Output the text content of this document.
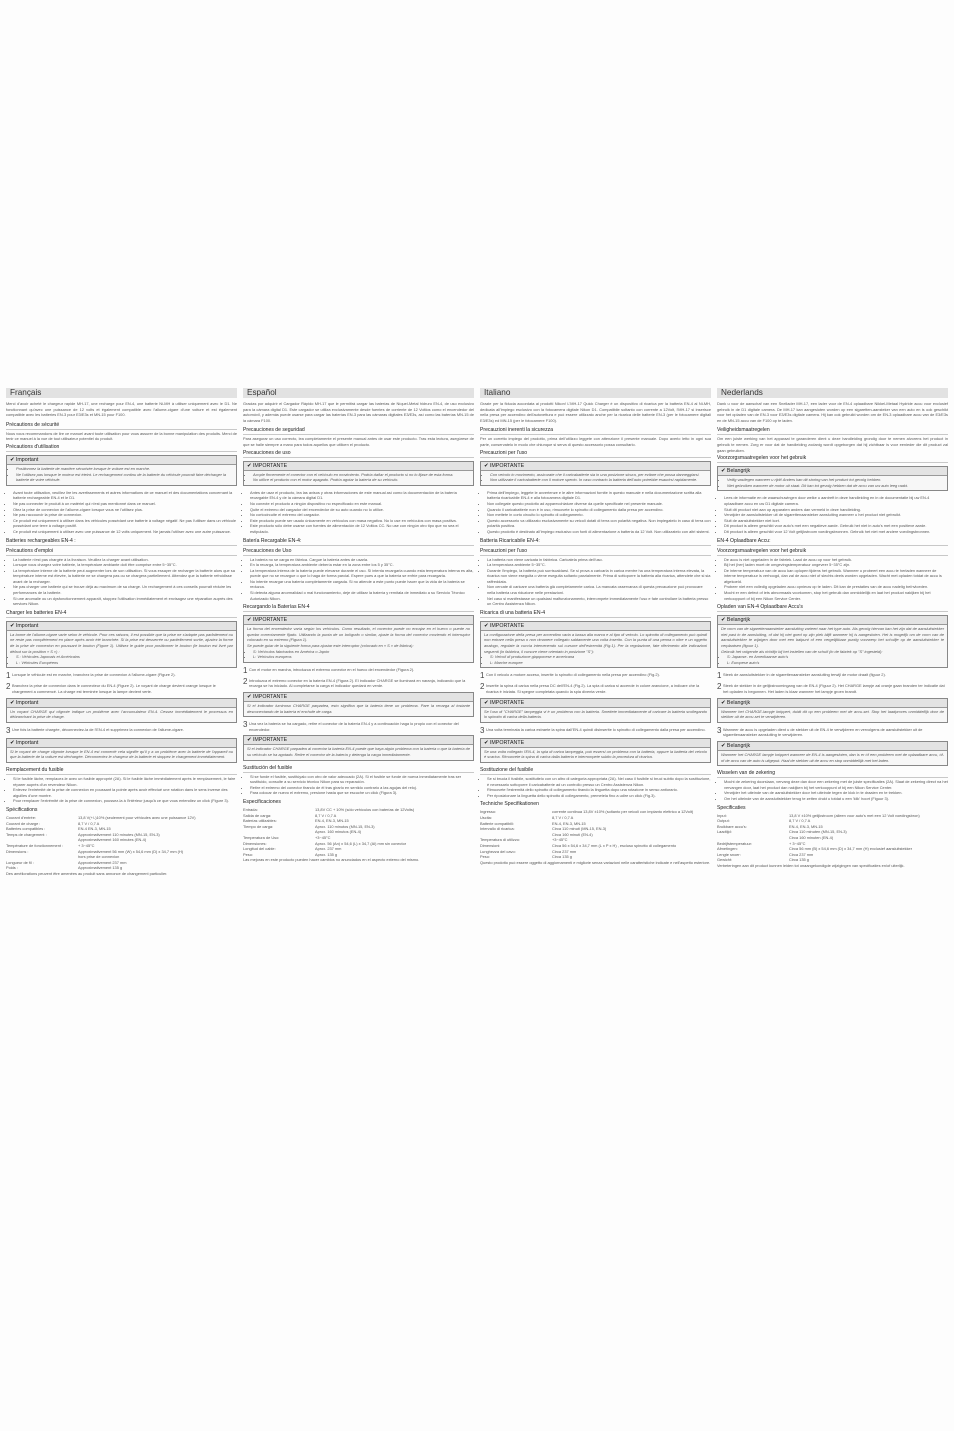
Français

Merci d'avoir acheté le chargeur rapide MH-17, une recharge pour EN-4, une batterie Ni-MH à utiliser uniquement avec le D1. Ne fonctionnant qu'avec une puissance de 12 volts et également compatible avec l'allume-cigare d'une voiture et est également compatible avec les batteries EN-3 pour E3/E3s et MN-15 pour F100.

Précautions de sécurité

Nous vous recommandons de lire ce manuel avant toute utilisation pour vous assurer de la bonne manipulation des produits. Merci de tenir ce manuel à la vue de tout utilisateur potentiel du produit.

Précautions d'utilisation
✔ Important
• Positionnez la batterie de manière sécurisée lorsque le voiture est en marche.
• Ne l'utilisez pas lorsque le moteur est éteint. Le rechargement continu de la batterie du véhicule pourrait faire décharger la batterie de votre véhicule.
• Avant toute utilisation, veuillez lire les avertissements et autres informations de ce manuel et des documentations concernant la batterie rechargeable EN-4 et le D1.
• Ne pas connecter le produit à un matériel qui n'est pas mentionné dans ce manuel.
• Otez la prise de connexion de l'allume-cigare lorsque vous ne l'utilisez plus.
• Ne pas raccourcir la prise de connexion.
• Ce produit est uniquement à utiliser dans les véhicules possédant une batterie à voltage négatif. Ne pas l'utiliser dans un véhicule possédant une terre à voltage positif.
• Ce produit est uniquement à utiliser avec une puissance de 12 volts uniquement. Ne jamais l'utiliser avec une autre puissance.
Batteries rechargeables EN-4 :
Précautions d'emploi
• La batterie n'est pas chargée à la livraison. Veuillez la charger avant utilisation.
• Lorsque vous chargez votre batterie, la température ambiante doit être comprise entre 5~35°C.
• La température interne de la batterie peut augmenter lors de son utilisation. Si vous essayer de recharger la batterie alors que sa température interne est élevée, la batterie ne se chargera pas ou se chargera partiellement. Attendez que la batterie refroidisse avant de la recharger.
• Ne pas charger une batterie qui se trouve déjà au maximum de sa charge. Un rechargement à ces conseils pourrait réduire les performances de la batterie.
• Si une anomalie ou un dysfonctionnement apparaît, stoppez l'utilisation immédiatement et envisagez une réparation auprès des services Nikon.
Charger les batteries EN-4
✔ Important

La borne de l'allume-cigare varie selon le véhicule. Pour ces raisons, il est possible que la prise ne s'adapte pas parfaitement ou ne reste pas complètement en place après avoir été branchée. Si la prise est desserrée ou partiellement sortie, ajustez la forme de la prise de connexion en poussant le bouton (Figure 1). Utilisez le guide pour positionner le bouton (le bouton est livré par défaut sur la position « S ») :

• S : Véhicules Japonais et Américains
• L : Véhicules Européens
1 Lorsque le véhicule est en marche, branchez la prise de connexion à l'allume-cigare (Figure 2).
2 Branchez la prise de connexion dans le connecteur du EN-4 (Figure 2). Le voyant de charge devient orange lorsque le chargement a commencé. La charge est terminée lorsque la lampe devient verte.
✔ Important

Un voyant CHARGE qui clignote indique un problème avec l'accumulateur EN-4. Cessez immédiatement le processus en débranchant la prise de charge.

3 Une fois la batterie chargée, déconnectez-la de l'EN-4 et supprimez la connexion de l'allume-cigare.
✔ Important

Si le voyant de charge clignote lorsque le EN-4 est connecté cela signifie qu'il y a un problème avec la batterie de l'appareil ou que la batterie de la voiture est déchargée. Déconnectez le chargeur de la batterie et stoppez le chargement immédiatement.

Remplacement du fusible
• Si le fusible lâche, remplacez-le avec un fusible approprié (2A). Si le fusible lâche immédiatement après le remplacement, le faire réparer auprès d'un revendeur Nikon.
• Enlevez l'extrémité de la prise de connexion en poussant la pointe après avoir effectué une rotation dans le sens inverse des aiguilles d'une montre.
• Pour remplacer l'extrémité de la prise de connexion, poussez-la à l'intérieur jusqu'à ce que vous entendiez un click (Figure 3).
Spécifications
Courant d'entrée:	13,8 V(+/-)10% (seulement pour véhicules avec une puissance 12V)
Courant de charge :	8,7 V / 0,7 A
Batteries compatibles :	EN-4 EN-3, MN-15
Temps de chargement :	Approximativement 110 minutes (MN-15, EN-3)
Approximativement 160 minutes (EN-4)
Température de fonctionnement :	+ 3~45°C
Dimensions :	Approximativement 56 mm (W) x 54,6 mm (D) x 34,7 mm (H)
hors prise de connexion
Longueur de fil :	Approximativement 237 mm
Poids :	Approximativement 135 g

Des améliorations peuvent être amenées au produit sans annonce de changement particulier.

Español

Gracias por adquirir el Cargador Rápido MH-17 que le permitirá cargar las baterías de Níquel-Metal hidruro EN-4, de uso exclusivo para la cámara digital D1. Este cargador se utiliza exclusivamente desde fuentes de corriente de 12 Voltios como el encendedor del automóvil, y además puede usarse para cargar las baterías EN-3 para las cámaras digitales E3/E3s, así como las baterías MN-15 de la cámara F100.

Precauciones de seguridad

Para asegurar un uso correcto, lea completamente el presente manual antes de usar este producto. Tras esta lectura, asegúrese de que se halle siempre a mano para todos aquellos que utilicen el producto.

Precauciones de uso
✔ IMPORTANTE
• Acople firmemente el conector con el vehículo en movimiento. Podría dañar el producto si no lo fijase de esta forma.
• No utilice el producto con el motor apagado. Podría agotar la batería de su vehículo.
• Antes de usar el producto, lea las avisos y otras informaciones de este manual así como la documentación de la batería recargable EN-4 y de la cámara digital D1.
• No conecte el producto a ningún dispositivo no especificado en este manual.
• Quite el extremo del cargador del encendedor de su auto cuando no lo utilice.
• No cortocircuite el extremo del cargador.
• Este producto puede ser usado únicamente en vehículos con masa negativa. No lo use en vehículos con masa positiva.
• Este producto sólo debe usarse con fuentes de alimentación de 12 Voltios CC. No use con ningún otro tipo que no sea el estipulado.
Batería Recargable EN-4:
Precauciones de Uso
• La batería no se carga en fábrica. Cargue la batería antes de usarla.
• En la recarga, la temperatura ambiente debería estar en la zona entre los 5 y 35°C.
• La temperatura interna de la batería puede elevarse durante el uso. Si intenta recargarla cuando esta temperatura interna es alta, puede que no se recargue o que lo haga de forma parcial. Espere pues a que la batería se enfríe para recargarla.
• No intente recargar una batería completamente cargada. Si no atiende a este punto puede hacer que la vida de la batería se reduzca.
• Si detecta alguna anormalidad o mal funcionamiento, deje de utilizar la batería y remítala de inmediato a su Servicio Técnico Autorizado Nikon.
Recargando la Baterías EN-4
✔ IMPORTANTE

La forma del encendedor varía según los vehículos. Como resultado, el conector puede no encajar en el hueco o puede no quedar correctamente fijado. Utilizando la punta de un bolígrafo o similar, ajuste la forma del conector moviendo el interruptor colocado en su extremo (Figura 1).

Se puede guiar de la siguiente forma para ajustar este interruptor (colocado en « S » de fábrica):

• S: Vehículos fabricados en América o Japón
• L: Vehículos europeos
1 Con el motor en marcha, introduzca el extremo conector en el hueco del encendedor (Figura 2).
2 Introduzca el extremo conector en la batería EN-4 (Figura 2). El indicador CHARGE se iluminará en naranja, indicando que la recarga se ha iniciado. Al completarse la carga el indicador quedará en verde.
✔ IMPORTANTE

Si el indicador luminoso CHARGE parpadea, esto significa que la batería tiene un problema. Pare la recarga al instante desconectando de la batería el enchufe de carga.

3 Una vez la batería se ha cargado, retire el conector de la batería EN-4 y a continuación haga lo propio con el conector del encendedor.
✔ IMPORTANTE

Si el indicador CHARGE parpadea al conectar la batería EN-4 puede que haya algún problema con la batería o que la batería de su vehículo se ha agotado. Retire el conector de la batería y detenga la carga inmediatamente.

Sustitución del fusible
• Si se funde el fusible, sustitúyalo con otro de valor adecuado (2A). Si el fusible se funde de nueva inmediatamente tras ser sustituido, consulte a su servicio técnico Nikon para su reparación.
• Retire el extremo del conector tirando de él tras girarlo en sentido contrario a las agujas del reloj.
• Para colocar de nuevo el extremo, presione hasta que se escuche un click (Figura 3).
Especificaciones
Entrada:	13,8V CC + 10% (sólo vehículos con baterías de 12Volts)
Salida de carga:	8,7 V / 0,7 A
Baterías utilizables:	EN-4, EN-3, MN-15
Tiempo de carga:	Aprox. 110 minutos (MN-15, EN-3)
Aprox. 160 minutos (EN-4)
Temperatura de Uso:	+3~45°C
Dimensiones:	Aprox. 56 (An) x 54,6 (L) x 34,7 (Al) mm sin conector
Longitud del cable:	Aprox. 237 mm
Peso:	Aprox. 135 g

Las mejoras en este producto pueden hacer cambios no anunciados en el aspecto externo del mismo.

Italiano

Grazie per la fiducia accordata ai prodotti Nikon! L'MH-17 Quick Charger è un dispositivo di ricarica per la batteria EN-4 al Ni-MH, dedicata all'impiego esclusivo con la fotocamera digitale Nikon D1. Compatibile soltanto con corrente a 12Volt, l'MH-17 si inserisce nella presa per accendino dell'autovettura e può essere utilizzato anche per la ricarica delle batterie EN-3 (per le fotocamere digitali E3/E3s) ed MN-15 (per le fotocamere F100).

Precauzioni inerenti la sicurezza

Per un corretto impiego del prodotto, prima dell'utilizzo leggete con attenzione il presente manuale. Dopo averlo letto in ogni sua parte, conservatelo in modo che chiunque si serva di questo accessorio possa consultarlo.

Precauzioni per l'uso
✔ IMPORTANTE
• Con veicolo in movimento, assicurate che il caricabatterie sia in una posizione sicura, per evitare che possa danneggiarsi.
• Non utilizzate il caricabatterie con il motore spento. In caso contrario la batteria dell'auto potrebbe esaurirsi rapidamente.
• Prima dell'impiego, leggete le avvertenze e le altre informazioni fornite in questo manuale e nella documentazione scritta alla batteria ricaricabile EN-4 e alla fotocamera digitale D1.
• Non collegate questo prodotto ad apparecchiature diverse da quelle specificate nel presente manuale.
• Quando il caricabatterie non è in uso, rimuovete lo spinotto di collegamento dalla presa per accendino.
• Non mettete in corto circuito lo spinotto di collegamento.
• Questo accessorio va utilizzato esclusivamente su veicoli dotati di terra con polarità negativa. Non impiegatelo in caso di terra con polarità positiva.
• Questo prodotto è destinato all'impiego esclusivo con fonti di alimentazione a batteria da 12 Volt. Non utilizzatelo con altri sistemi.
Batteria Ricaricabile EN-4:
Precauzioni per l'uso
• La batteria non viene caricata in fabbrica. Caricatela prima dell'uso.
• La temperatura ambiente 5~35°C.
• Durante l'impiego, la batteria può surriscaldarsi. Se si prova a caricarla in carica mentre ha una temperatura interna elevata, la ricarica non viene eseguita o viene eseguita soltanto parzialmente. Prima di sottoporre la batteria alla ricarica, attendete che si sia raffreddata.
• Non cercate di caricare una batteria già completamente carica. La mancata osservanza di questa precauzione può provocare nella batteria una riduzione nelle prestazioni.
• Nel caso si manifestasse un qualsiasi malfunzionamento, interrompete immediatamente l'uso e fate controllare la batteria presso un Centro Assistenza Nikon.
Ricarica di una batteria EN-4
✔ IMPORTANTE

La configurazione della presa per accendino varia a bassa alla marca e al tipo di veicolo. Lo spinotto di collegamento può quindi non entrare nella presa o non rimanere collegato saldamente una volta inserito. Con la punta di una penna o oltre e un oggetto analogo, regolate la cuccia intervenendo sul cursore dell'estremità (Fig.1). Per la regolazione, fate riferimento alle indicazioni seguenti (in fabbrica, il cursore viene orientato in posizione "S"):

• S: Veicoli di produzione giapponese e americana
• L: Marche europee
1 Con il veicolo a motore acceso, inserite lo spinotto di collegamento nella presa per accendino (Fig.2).
2 Inserite la spina di carica nella presa DC dell'EN-4 (Fig.2). La spia di carica si accende in colore arancione, a indicare che la ricarica è iniziata. Si spegne completata quando la spia diventa verde.
✔ IMPORTANTE

Se l'uso di "CHARGE" lampeggia vi è un problema con la batteria. Smettete immediatamente di caricare la batteria scollegando lo spinotto di carica della batteria.

3 Una volta terminata la carica estraete la spina dall'EN-4 quindi disinserite lo spinotto di collegamento dalla presa per accendino.
✔ IMPORTANTE

Se una volta collegato l'EN-4, la spia di carica lampeggia, può essersi un problema con la batteria, oppure la batteria del veicolo è scarica. Rimuovete la spina di carica dalla batteria e interrompete subito la procedura di ricarica.

Sostituzione del fusibile
• Se si brucia il fusibile, sostituitelo con un altro di categoria appropriata (2A). Nel caso il fusibile si bruci subito dopo la sostituzione, è necessario sottoporre il caricabatterie ad un controllo presso un Centro Assistenza Nikon.
• Rimuovete l'estremità dello spinotto di collegamento tirando la linguetta dopo una rotazione in senso antiorario.
• Per riposizionare la linguetta dello spinotto di collegamento, premetela fino a udire un click (Fig.3).
Techniche Specifikationen
Ingresso:	corrente continua 13,8V ±10% (soltanto per veicoli con impianto elettrico a 12Volt)
Uscita:	8,7 V / 0,7 A
Batterie compatibili:	EN-4, EN-3, MN-15
Intervallo di ricarica:	Circa 110 minuti (MN-15, EN-3)
Circa 160 minuti (EN-4)
Temperatura di utilizzo:	+3~45°C
Dimensioni:	Circa 56 x 54,6 x 34,7 mm (L x P x H) , escluso spinotto di collegamento
Lunghezza del cavo:	Circa 237 mm
Peso:	Circa 135 g

Questo prodotto può essere oggetto di aggiornamenti e migliorie senza variazioni nelle caratteristiche indicate e nell'aspetto esteriore.

Nederlands

Dank u voor de aanschaf van een Snellader MH-17, een lader voor de EN-4 oplaadbare Nikkel-Metaal Hydride accu voor exclusief gebruik in de D1 digitale camera. De MH-17 kan aangesloten worden op een sigaretten-aansteker van een auto en is ook geschikt voor het opladen van de EN-3 voor E3/E3s digitale camera. Hij kan ook gebruikt worden om de EN-3 oplaadbare accu van de E3/E3s en de MN-15 accu van de F100 op te laden.

Veiligheidsmaatregelen

Om een juiste werking van het apparaat te garanderen dient u deze handleiding grondig door te nemen alvorens het product in gebruik te nemen. Zorg er voor dat de handleiding zodanig wordt opgeborgen dat hij zichtbaar is voor eenieder die dit product zal gaan gebruiken.

Voorzorgsmaatregelen voor het gebruik
✔ Belangrijk
• Veilig vastlegen wanneer u rijdt! Anders kan dit storing van het product tot gevolg hebben.
• Niet gebruiken wanneer de motor uit staat. Dit kan tot gevolg hebben dat de accu van uw auto leeg raakt.
• Lees de informatie en de waarschuwingen door welke u aantreft in deze handleiding en in de documentatie bij uw EN-4 oplaadbare accu en uw D1 digitale camera.
• Sluit dit product niet aan op apparaten anders dan vermeld in deze handleiding.
• Verwijder de aansluitstekker uit de sigarettenaansteker aansluiting wanneer u het product niet gebruikt.
• Sluit de aansluitstekker niet kort.
• Dit product is alleen geschikt voor auto's met een negatieve aarde. Gebruik het niet in auto's met een positieve aarde.
• Dit product is alleen geschikt voor 12 Volt gelijkstroom voedingsbronnen. Gebruik het niet met andere voedingsbronnen.
EN-4 Oplaadbare Accu:
Voorzorgsmaatregelen voor het gebruik
• De accu is niet opgeladen in de fabriek. Laad de accu op voor het gebruik.
• Bij het (her) laden moet de omgevingstemperatuur ongeveer 5~35°C zijn.
• De interne temperatuur van de accu kan oplopen tijdens het gebruik. Wanneer u probeert een accu te herladen wanneer de interne temperatuur is verhoogd, dan zal de accu niet of slechts deels worden opgeladen. Wacht met opladen totdat de accu is afgekoeld.
• Probeer niet een volledig opgeladen accu opnieuw op te laden. Dit kan de prestaties van de accu nadelig beïnvloeden.
• Mocht er een defect of iets abnormaals voorkomen, stop het gebruik dan onmiddellijk en laat het product nakijken bij het verkooppunt of bij een Nikon Service Center.
Opladen van EN-4 Oplaadbare Accu's
✔ Belangrijk

De vorm van de sigarettenaansteker aansluiting varieert naar het type auto. Als gevolg hiervan kan het zijn dat de aansluitstekker niet past in de aansluiting, of dat hij niet goed op zijn plek blijft wanneer hij is aangesloten. Het is mogelijk om de vorm van de aansluitstekker te wijzigen door met een balpunt of een vergelijkbaar puntig voorwerp het schuifje op de aansluitstekker te verplaatsen (figuur 1).

Gebruik het volgende als richtlijn bij het instellen van de schuif (in de fabriek op "S" ingesteld):

• S: Japanse- en Amerikaanse auto's
• L: Europese auto's
1 Steek de aansluitstekker in de sigarettenaansteker aansluiting terwijl de motor draait (figuur 2).
2 Steek de stekker in de gelijkstroomingang van de EN-4 (Figuur 2). Het CHARGE lampje zal oranje gaan branden ter indicatie dat het opladen is begonnen. Het laden is klaar wanneer het lampje groen brandt.
✔ Belangrijk

Wanneer het CHARGE-lampje knippert, duidt dit op een probleem met de accu-set. Stop het laadproces onmiddellijk door de stekker uit de accu-set te verwijderen.

3 Wanneer de accu is opgeladen dient u de stekker uit de EN-4 te verwijderen en vervolgens de aansluitstekker uit de sigarettenaansteker aansluiting te verwijderen.
✔ Belangrijk

Wanneer het CHARGE lampje knippert wanneer de EN-4 is aangesloten, dan is er óf een probleem met de oplaadbare accu, óf-of de accu van de auto is uitgeput. Haal de stekker uit de accu en stop onmiddellijk met het laden.

Wisselen van de zekering
• Mocht de zekering doorslaan, vervang deze dan door een zekering met de juiste specificaties (2A). Slaat de zekering direct na het vervangen door, laat het product dan nakijken bij het verkooppunt of bij een Nikon Service Center.
• Verwijder het uiteinde van de aansluitstekker door het uiteinde tegen de klok in te draaien en te trekken.
• Om het uiteinde van de aansluitstekker terug te zetten drukt u totdat u een 'klik' hoort (Figuur 3).
Specificaties
Input:	13,8 V ±10% gelijkstroom (alleen voor auto's met een 12 Volt voedingsbron)
Output:	8,7 V / 0,7 A
Bruikbare accu's:	EN-4, EN-3, MN-15
Laadtijd:	Circa 110 minuten (MN-15, EN-3)
Circa 160 minuten (EN-4)
Bedrijfstemperatuur:	+ 3~45°C
Afmetingen:	Circa 56 mm (B) x 54,6 mm (D) x 34,7 mm (H) exclusief aansluitstekker
Lengte snoer:	Circa 237 mm
Gewicht:	Circa 135 g

Verbeteringen aan dit product kunnen leiden tot onaangekondigde wijzigingen van specificaties en/of uiterlijk.
